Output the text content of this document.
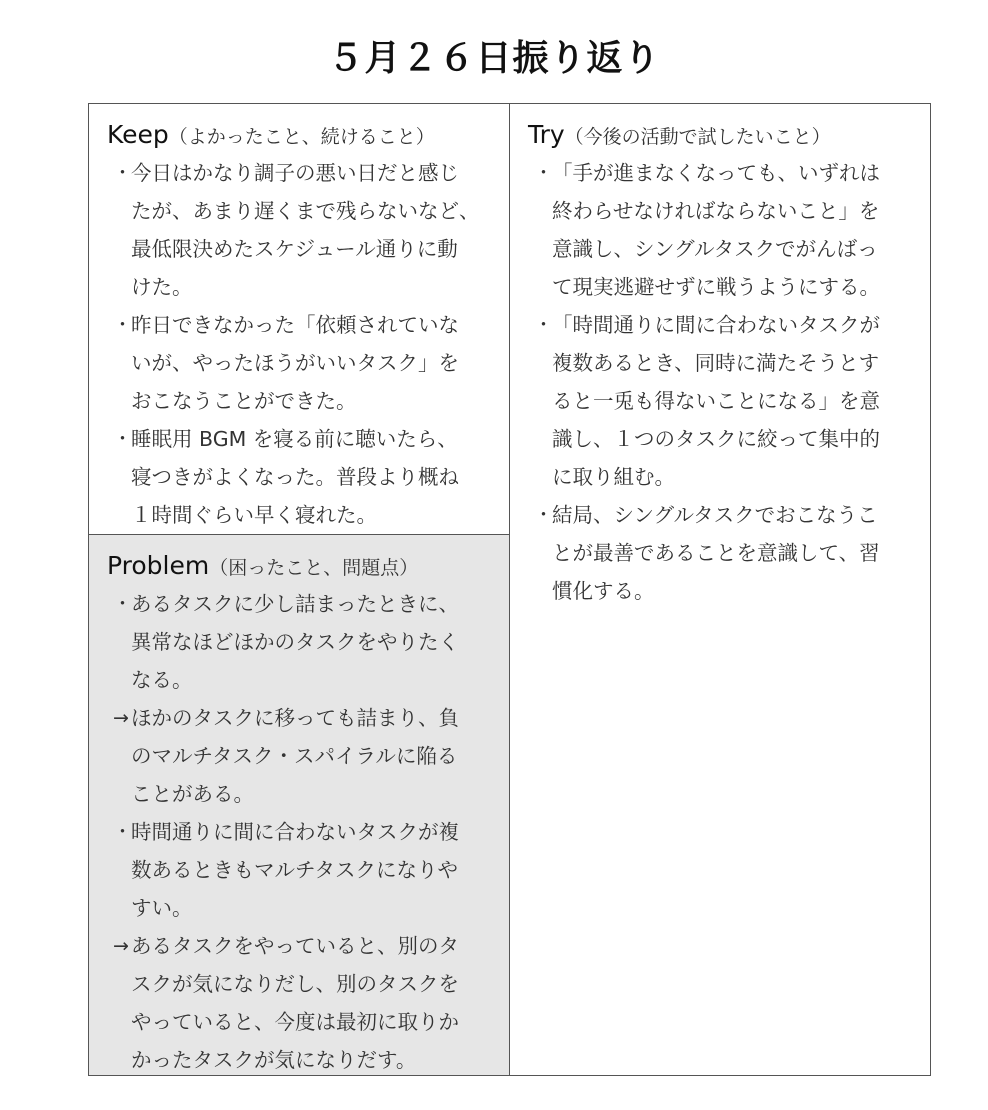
５月２６日振り返り
Keep（よかったこと、続けること）
・
今日はかなり調子の悪い日だと感じ
たが、あまり遅くまで残らないなど、
最低限決めたスケジュール通りに動
けた。
・
昨日できなかった「依頼されていな
いが、やったほうがいいタスク」を
おこなうことができた。
・
睡眠用 BGM を寝る前に聴いたら、
寝つきがよくなった。普段より概ね
１時間ぐらい早く寝れた。
Problem（困ったこと、問題点）
・
あるタスクに少し詰まったときに、
異常なほどほかのタスクをやりたく
なる。
→ ほかのタスクに移っても詰まり、負
のマルチタスク・スパイラルに陥る
ことがある。
・
時間通りに間に合わないタスクが複
数あるときもマルチタスクになりや
すい。
→ あるタスクをやっていると、別のタ
スクが気になりだし、別のタスクを
やっていると、今度は最初に取りか
かったタスクが気になりだす。
Try（今後の活動で試したいこと）
・
「手が進まなくなっても、いずれは
終わらせなければならないこと」を
意識し、シングルタスクでがんばっ
て現実逃避せずに戦うようにする。
・
「時間通りに間に合わないタスクが
複数あるとき、同時に満たそうとす
ると一兎も得ないことになる」を意
識し、１つのタスクに絞って集中的
に取り組む。
・
結局、シングルタスクでおこなうこ
とが最善であることを意識して、習
慣化する。
